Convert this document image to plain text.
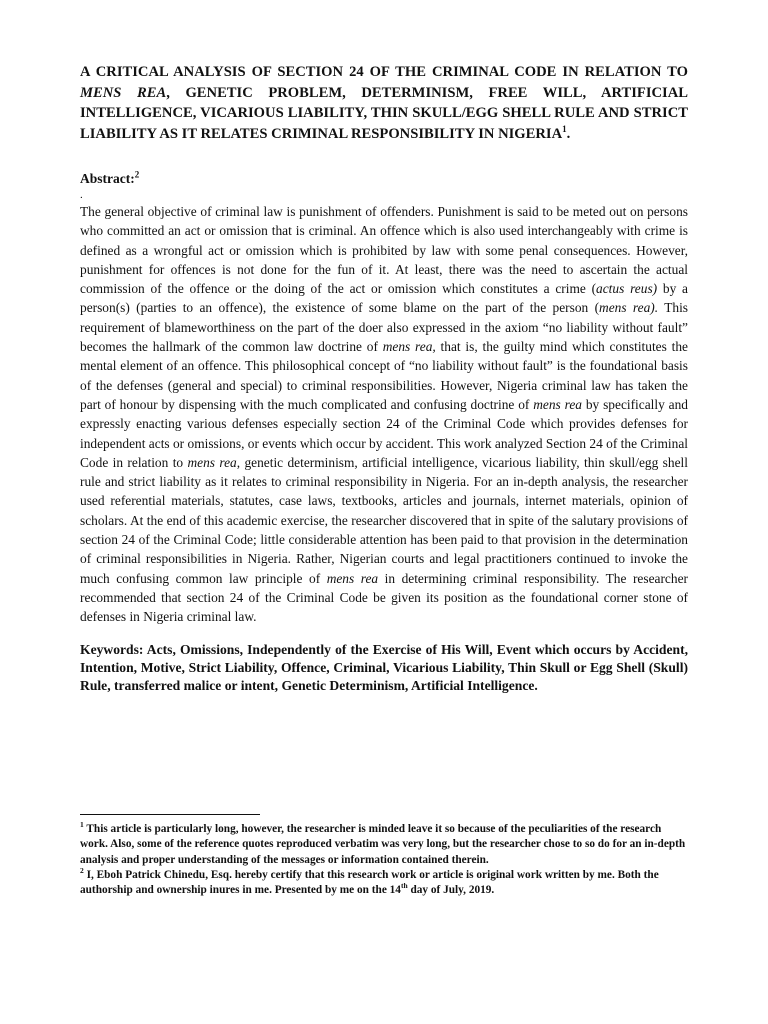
A CRITICAL ANALYSIS OF SECTION 24 OF THE CRIMINAL CODE IN RELATION TO MENS REA, GENETIC PROBLEM, DETERMINISM, FREE WILL, ARTIFICIAL INTELLIGENCE, VICARIOUS LIABILITY, THIN SKULL/EGG SHELL RULE AND STRICT LIABILITY AS IT RELATES CRIMINAL RESPONSIBILITY IN NIGERIA$^1$.

Abstract:$^2$

.

The general objective of criminal law is punishment of offenders. Punishment is said to be meted out on persons who committed an act or omission that is criminal. An offence which is also used interchangeably with crime is defined as a wrongful act or omission which is prohibited by law with some penal consequences. However, punishment for offences is not done for the fun of it. At least, there was the need to ascertain the actual commission of the offence or the doing of the act or omission which constitutes a crime (actus reus) by a person(s) (parties to an offence), the existence of some blame on the part of the person (mens rea). This requirement of blameworthiness on the part of the doer also expressed in the axiom “no liability without fault” becomes the hallmark of the common law doctrine of mens rea, that is, the guilty mind which constitutes the mental element of an offence. This philosophical concept of “no liability without fault” is the foundational basis of the defenses (general and special) to criminal responsibilities. However, Nigeria criminal law has taken the part of honour by dispensing with the much complicated and confusing doctrine of mens rea by specifically and expressly enacting various defenses especially section 24 of the Criminal Code which provides defenses for independent acts or omissions, or events which occur by accident. This work analyzed Section 24 of the Criminal Code in relation to mens rea, genetic determinism, artificial intelligence, vicarious liability, thin skull/egg shell rule and strict liability as it relates to criminal responsibility in Nigeria. For an in-depth analysis, the researcher used referential materials, statutes, case laws, textbooks, articles and journals, internet materials, opinion of scholars. At the end of this academic exercise, the researcher discovered that in spite of the salutary provisions of section 24 of the Criminal Code; little considerable attention has been paid to that provision in the determination of criminal responsibilities in Nigeria. Rather, Nigerian courts and legal practitioners continued to invoke the much confusing common law principle of mens rea in determining criminal responsibility. The researcher recommended that section 24 of the Criminal Code be given its position as the foundational corner stone of defenses in Nigeria criminal law.

Keywords: Acts, Omissions, Independently of the Exercise of His Will, Event which occurs by Accident, Intention, Motive, Strict Liability, Offence, Criminal, Vicarious Liability, Thin Skull or Egg Shell (Skull) Rule, transferred malice or intent, Genetic Determinism, Artificial Intelligence.

$^1$ This article is particularly long, however, the researcher is minded leave it so because of the peculiarities of the research work. Also, some of the reference quotes reproduced verbatim was very long, but the researcher chose to so do for an in-depth analysis and proper understanding of the messages or information contained therein.

$^2$ I, Eboh Patrick Chinedu, Esq. hereby certify that this research work or article is original work written by me. Both the authorship and ownership inures in me. Presented by me on the 14th day of July, 2019.
